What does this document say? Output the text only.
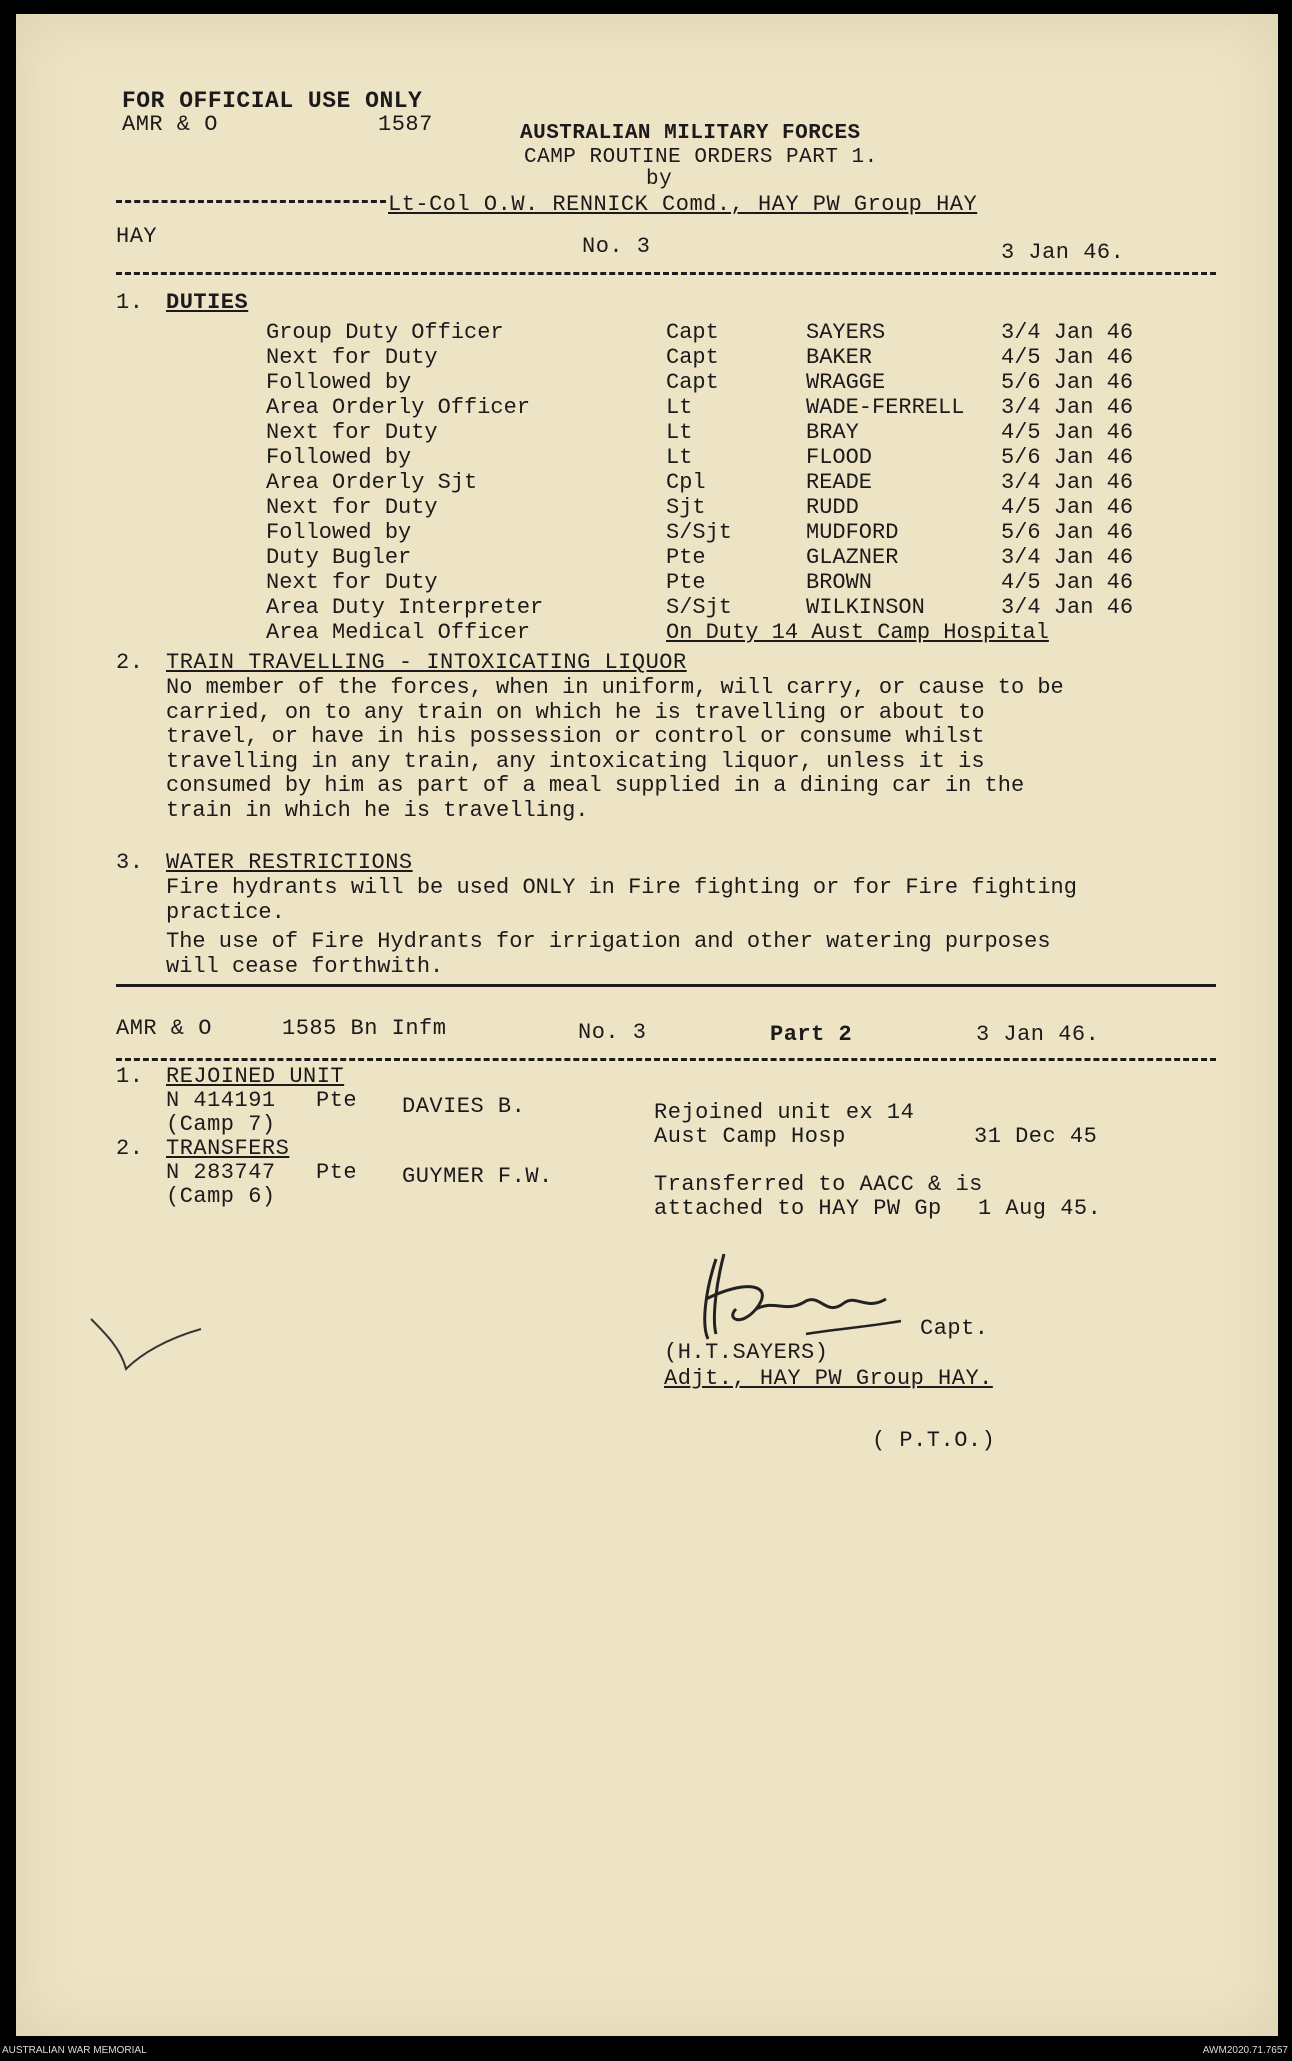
FOR OFFICIAL USE ONLY
AMR & O	1587	AUSTRALIAN MILITARY FORCES
CAMP ROUTINE ORDERS PART 1.
by
Lt-Col O.W. RENNICK Comd., HAY PW Group HAY
HAY	No. 3	3 Jan 46.
1. DUTIES
Group Duty Officer	Capt	SAYERS	3/4 Jan 46
Next for Duty	Capt	BAKER	4/5 Jan 46
Followed by	Capt	WRAGGE	5/6 Jan 46
Area Orderly Officer	Lt	WADE-FERRELL 3/4 Jan 46
Next for Duty	Lt	BRAY	4/5 Jan 46
Followed by	Lt	FLOOD	5/6 Jan 46
Area Orderly Sjt	Cpl	READE	3/4 Jan 46
Next for Duty	Sjt	RUDD	4/5 Jan 46
Followed by	S/Sjt	MUDFORD	5/6 Jan 46
Duty Bugler	Pte	GLAZNER	3/4 Jan 46
Next for Duty	Pte	BROWN	4/5 Jan 46
Area Duty Interpreter	S/Sjt	WILKINSON	3/4 Jan 46
Area Medical Officer	On Duty 14 Aust Camp Hospital
2. TRAIN TRAVELLING - INTOXICATING LIQUOR
No member of the forces, when in uniform, will carry, or cause to be
carried, on to any train on which he is travelling or about to
travel, or have in his possession or control or consume whilst
travelling in any train, any intoxicating liquor, unless it is
consumed by him as part of a meal supplied in a dining car in the
train in which he is travelling.
3. WATER RESTRICTIONS
Fire hydrants will be used ONLY in Fire fighting or for Fire fighting
practice.
The use of Fire Hydrants for irrigation and other watering purposes
will cease forthwith.
AMR & O	1585 Bn Infm	No. 3	Part 2	3 Jan 46.
1. REJOINED UNIT
N 414191 Pte DAVIES B.
(Camp 7)	Rejoined unit ex 14
Aust Camp Hosp	31 Dec 45
2. TRANSFERS
N 283747 Pte GUYMER F.W.
(Camp 6)	Transferred to AACC & is
attached to HAY PW Gp 1 Aug 45.
Capt.
(H.T.SAYERS)
Adjt., HAY PW Group HAY.
( P.T.O.)
AUSTRALIAN WAR MEMORIAL	AWM2020.71.7657
